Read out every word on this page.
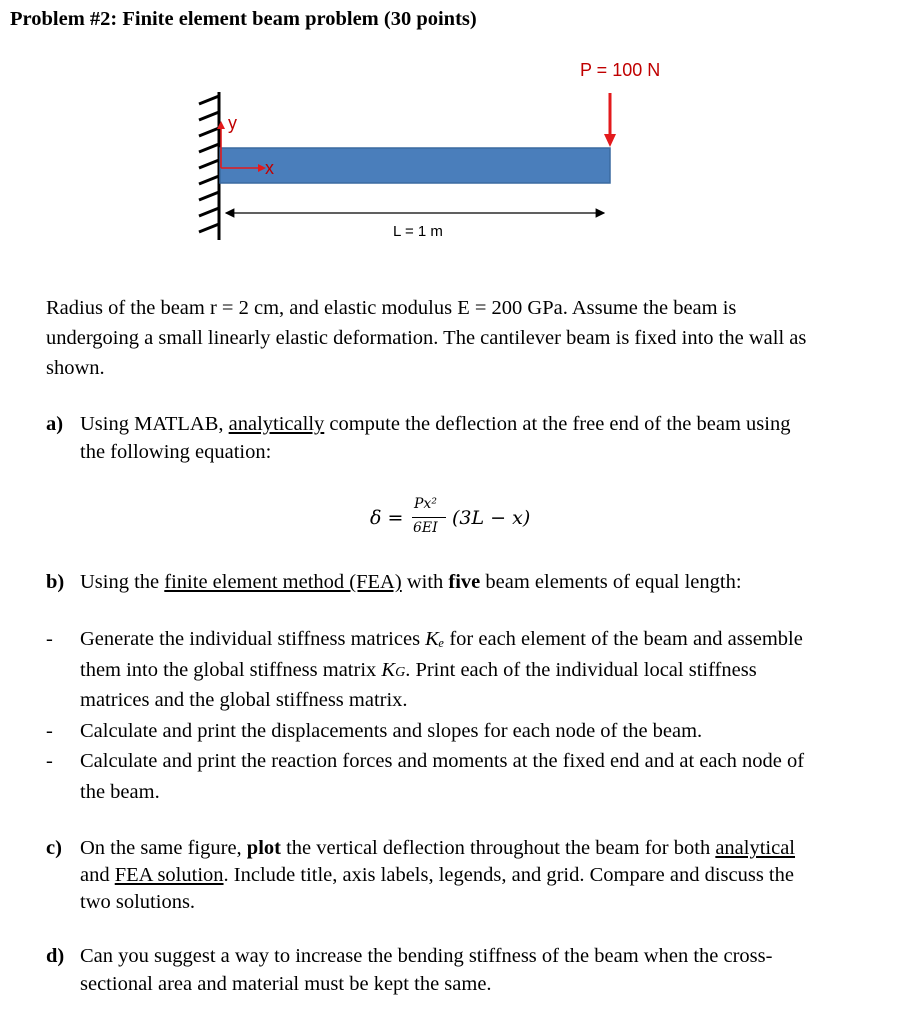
Problem #2: Finite element beam problem (30 points)
P = 100 N
y
x
L = 1 m
Radius of the beam r = 2 cm, and elastic modulus E = 200 GPa. Assume the beam is
undergoing a small linearly elastic deformation. The cantilever beam is fixed into the wall as
shown.
a) Using MATLAB, analytically compute the deflection at the free end of the beam using
the following equation:
δ =
Px²
6EI (3L − x)
b) Using the finite element method (FEA) with five beam elements of equal length:
- Generate the individual stiffness matrices Kₑ for each element of the beam and assemble
them into the global stiffness matrix KG. Print each of the individual local stiffness
matrices and the global stiffness matrix.
- Calculate and print the displacements and slopes for each node of the beam.
- Calculate and print the reaction forces and moments at the fixed end and at each node of
the beam.
c) On the same figure, plot the vertical deflection throughout the beam for both analytical
and FEA solution. Include title, axis labels, legends, and grid. Compare and discuss the
two solutions.
d) Can you suggest a way to increase the bending stiffness of the beam when the cross-
sectional area and material must be kept the same.
